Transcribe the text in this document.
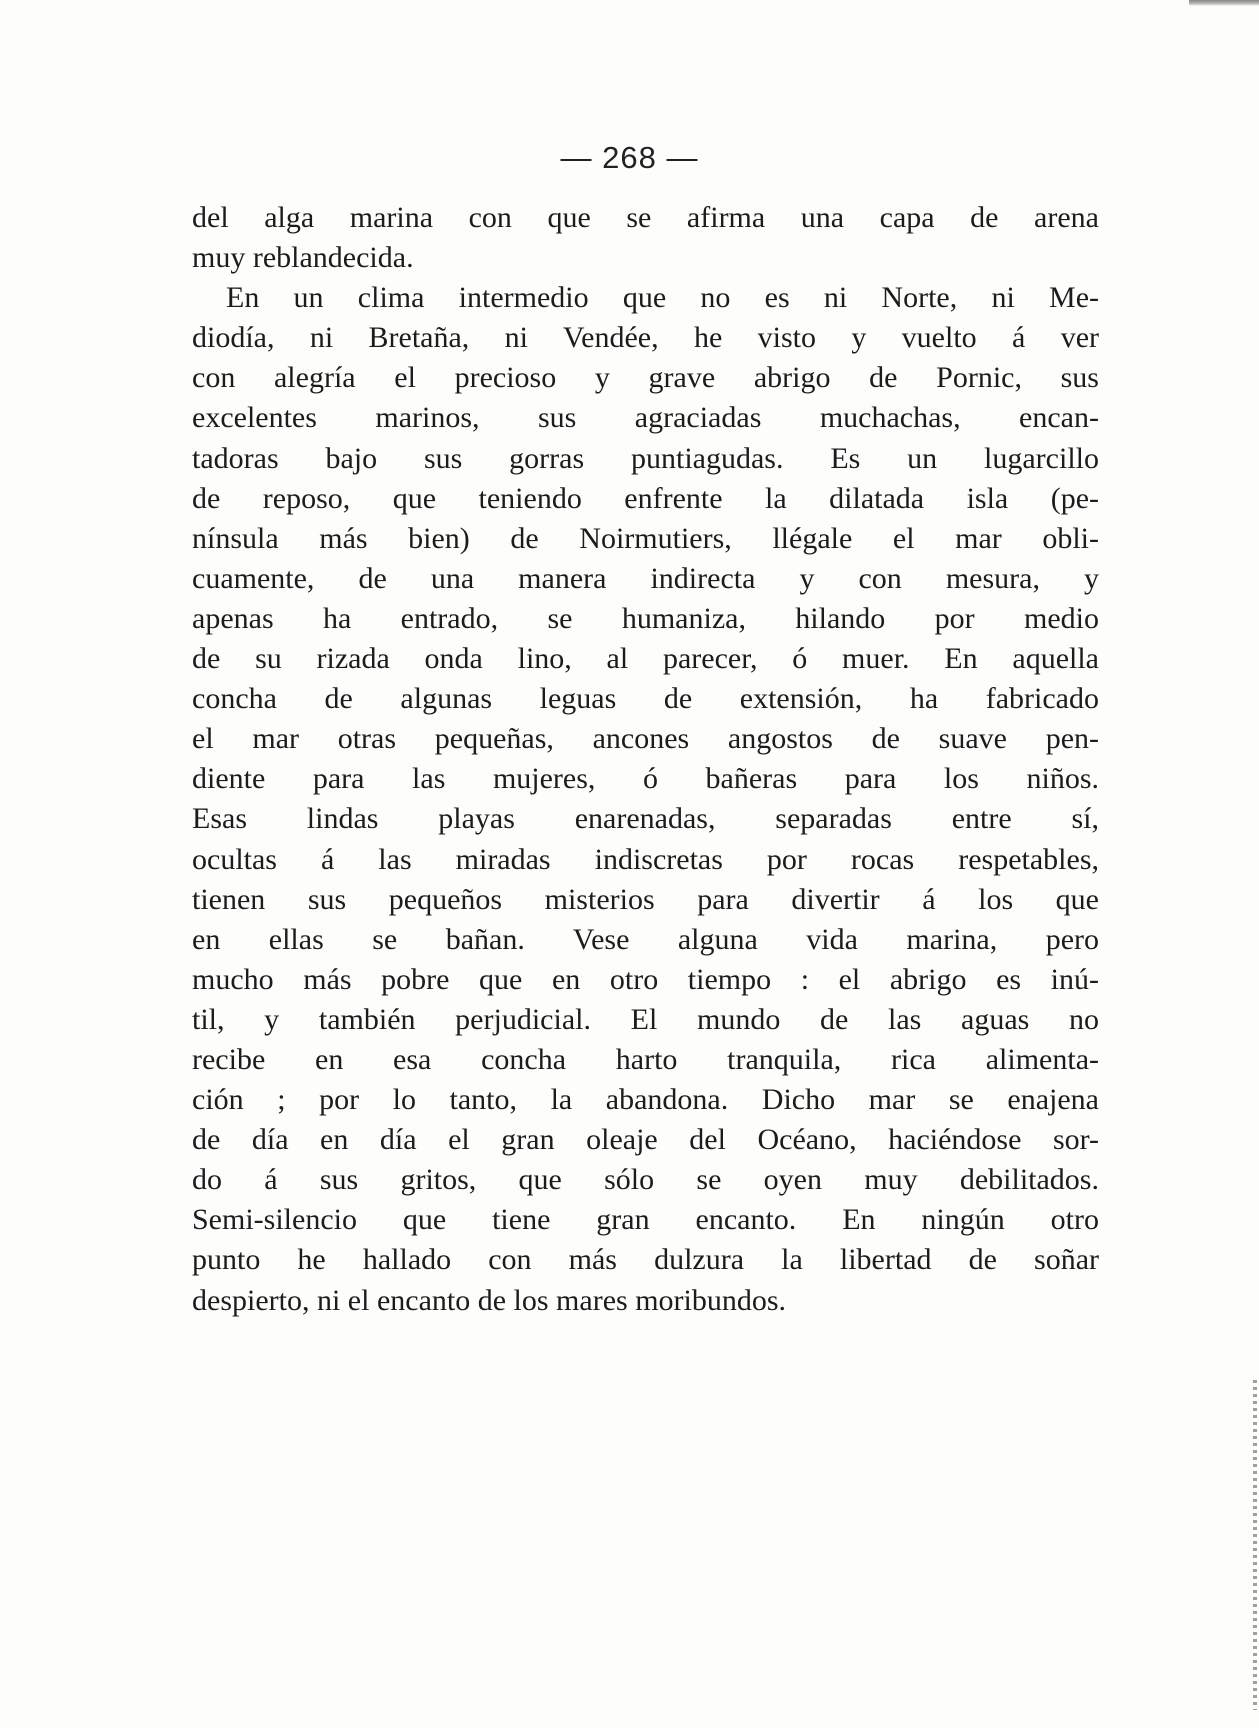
— 268 —
del alga marina con que se afirma una capa de arena
muy reblandecida.
En un clima intermedio que no es ni Norte, ni Me-
diodía, ni Bretaña, ni Vendée, he visto y vuelto á ver
con alegría el precioso y grave abrigo de Pornic, sus
excelentes marinos, sus agraciadas muchachas, encan-
tadoras bajo sus gorras puntiagudas. Es un lugarcillo
de reposo, que teniendo enfrente la dilatada isla (pe-
nínsula más bien) de Noirmutiers, llégale el mar obli-
cuamente, de una manera indirecta y con mesura, y
apenas ha entrado, se humaniza, hilando por medio
de su rizada onda lino, al parecer, ó muer. En aquella
concha de algunas leguas de extensión, ha fabricado
el mar otras pequeñas, ancones angostos de suave pen-
diente para las mujeres, ó bañeras para los niños.
Esas lindas playas enarenadas, separadas entre sí,
ocultas á las miradas indiscretas por rocas respetables,
tienen sus pequeños misterios para divertir á los que
en ellas se bañan. Vese alguna vida marina, pero
mucho más pobre que en otro tiempo : el abrigo es inú-
til, y también perjudicial. El mundo de las aguas no
recibe en esa concha harto tranquila, rica alimenta-
ción ; por lo tanto, la abandona. Dicho mar se enajena
de día en día el gran oleaje del Océano, haciéndose sor-
do á sus gritos, que sólo se oyen muy debilitados.
Semi-silencio que tiene gran encanto. En ningún otro
punto he hallado con más dulzura la libertad de soñar
despierto, ni el encanto de los mares moribundos.
